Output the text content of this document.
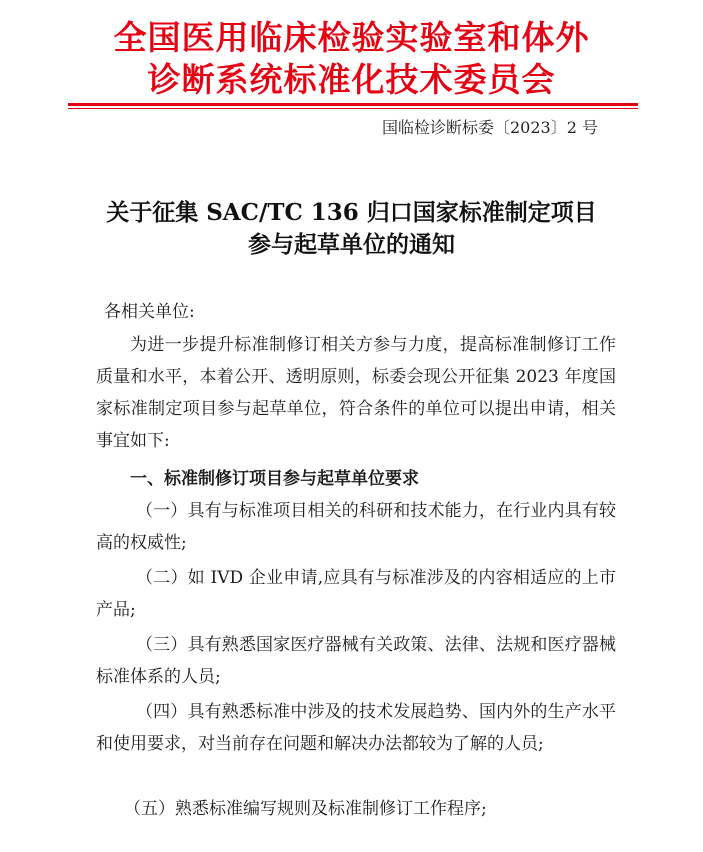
全国医用临床检验实验室和体外
诊断系统标准化技术委员会
国临检诊断标委〔2023〕2 号
关于征集 SAC/TC 136 归口国家标准制定项目
参与起草单位的通知
各相关单位:
为进一步提升标准制修订相关方参与力度，提高标准制修订工作质量和水平，本着公开、透明原则，标委会现公开征集 2023 年度国家标准制定项目参与起草单位，符合条件的单位可以提出申请，相关事宜如下:
一、标准制修订项目参与起草单位要求
（一）具有与标准项目相关的科研和技术能力，在行业内具有较高的权威性;
（二）如 IVD 企业申请,应具有与标准涉及的内容相适应的上市产品;
（三）具有熟悉国家医疗器械有关政策、法律、法规和医疗器械标准体系的人员;
（四）具有熟悉标准中涉及的技术发展趋势、国内外的生产水平和使用要求，对当前存在问题和解决办法都较为了解的人员;
（五）熟悉标准编写规则及标准制修订工作程序;
